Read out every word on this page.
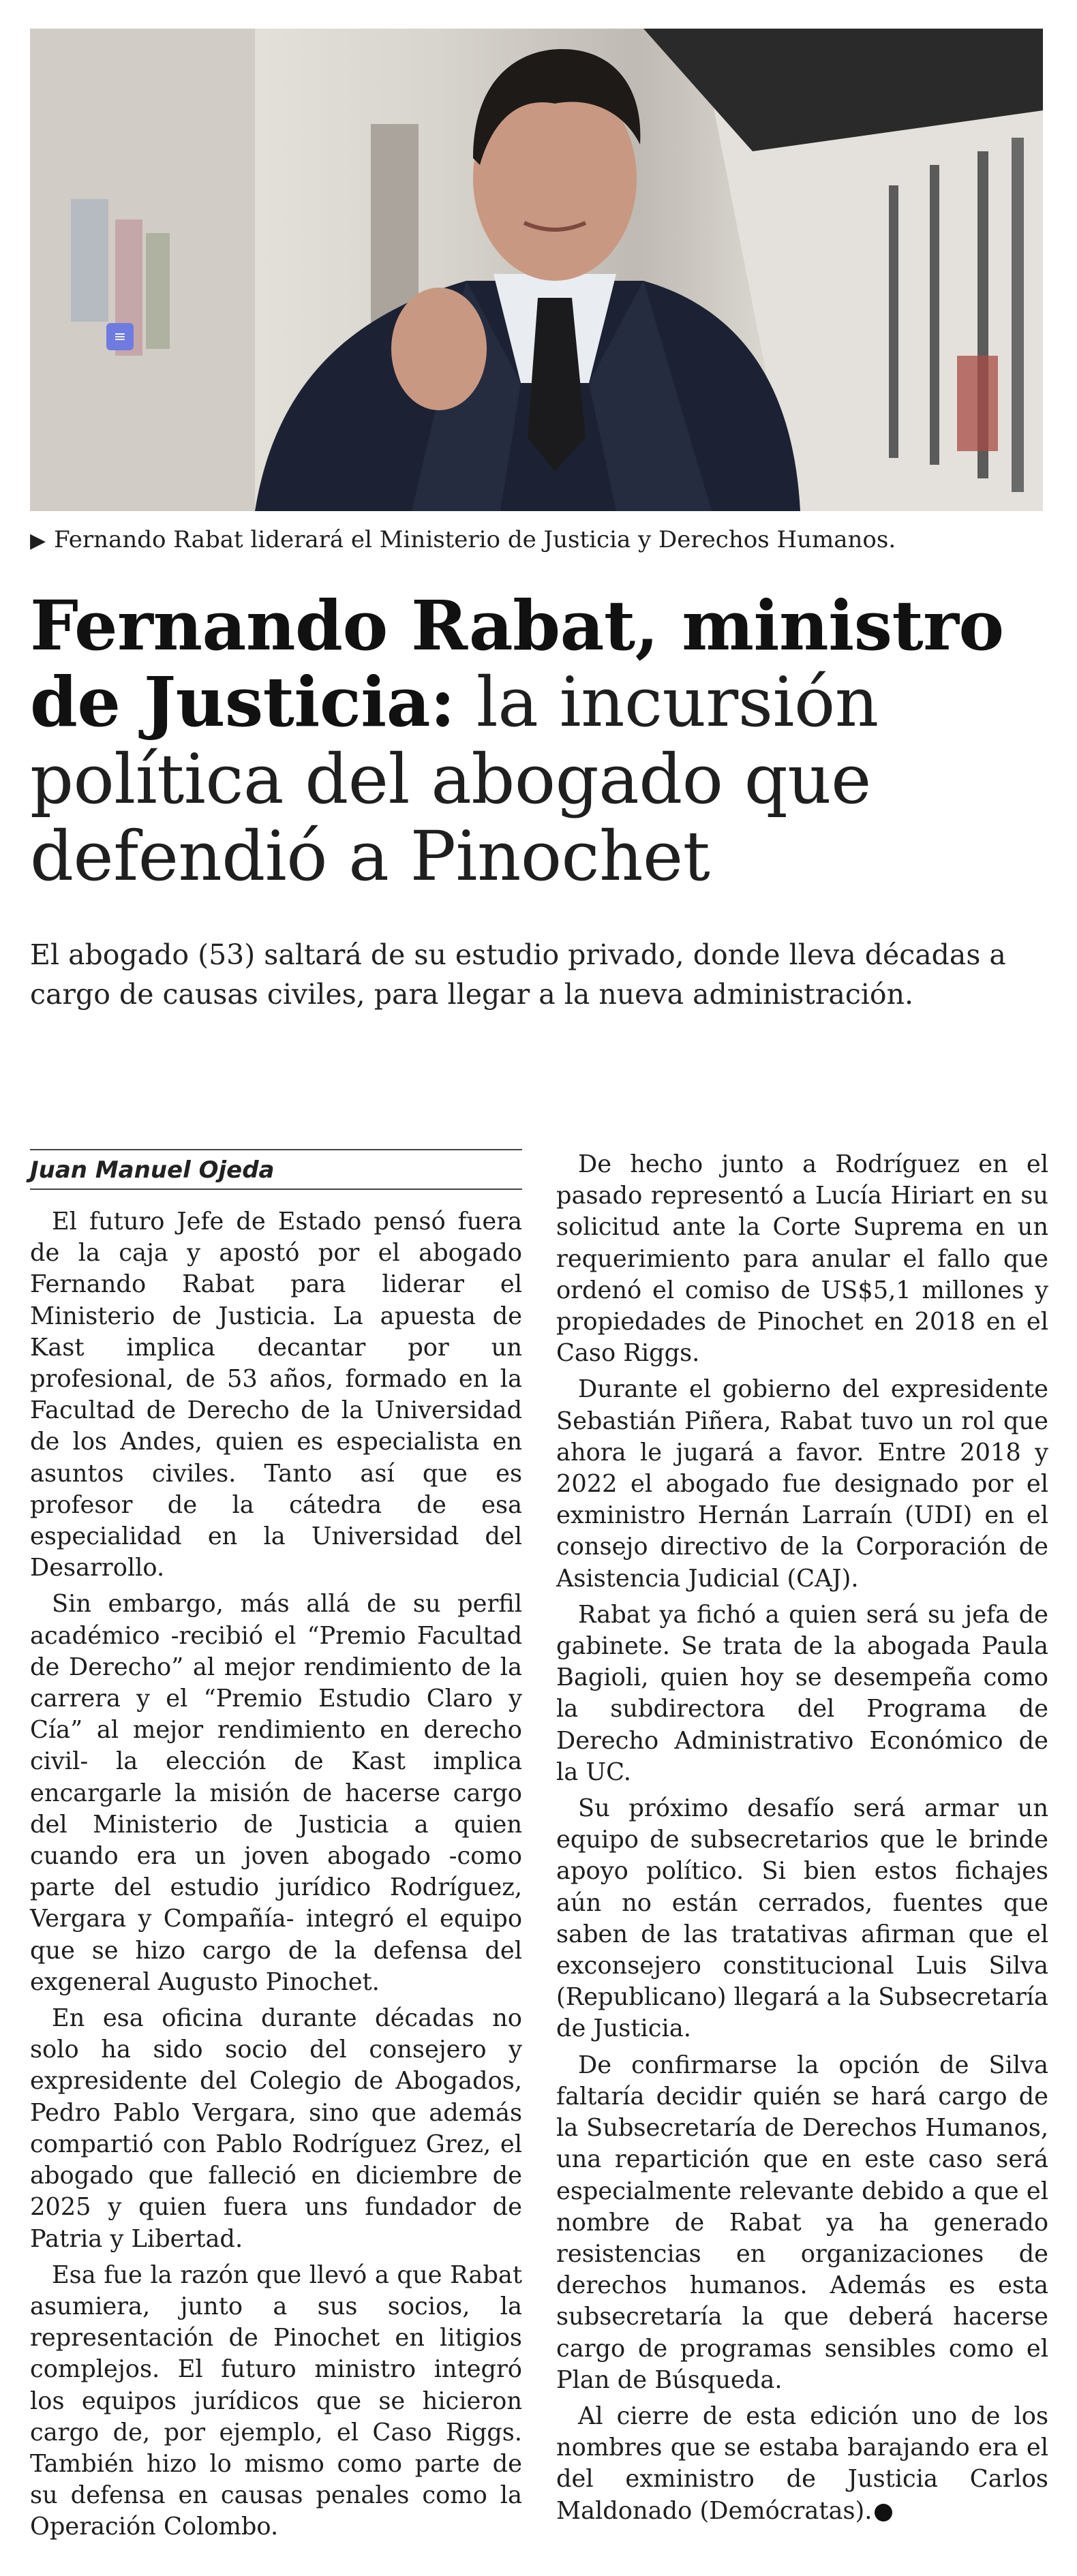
≡
▶ Fernando Rabat liderará el Ministerio de Justicia y Derechos Humanos.
Fernando Rabat, ministro de Justicia: la incursión política del abogado que defendió a Pinochet

El abogado (53) saltará de su estudio privado, donde lleva décadas a cargo de causas civiles, para llegar a la nueva administración.

Juan Manuel Ojeda

El futuro Jefe de Estado pensó fuera de la caja y apostó por el abogado Fernando Rabat para liderar el Ministerio de Justicia. La apuesta de Kast implica decantar por un profesional, de 53 años, formado en la Facultad de Derecho de la Universidad de los Andes, quien es especialista en asuntos civiles. Tanto así que es profesor de la cátedra de esa especialidad en la Universidad del Desarrollo.

Sin embargo, más allá de su perfil académico -recibió el “Premio Facultad de Derecho” al mejor rendimiento de la carrera y el “Premio Estudio Claro y Cía” al mejor rendimiento en derecho civil- la elección de Kast implica encargarle la misión de hacerse cargo del Ministerio de Justicia a quien cuando era un joven abogado -como parte del estudio jurídico Rodríguez, Vergara y Compañía- integró el equipo que se hizo cargo de la defensa del exgeneral Augusto Pinochet.

En esa oficina durante décadas no solo ha sido socio del consejero y expresidente del Colegio de Abogados, Pedro Pablo Vergara, sino que además compartió con Pablo Rodríguez Grez, el abogado que falleció en diciembre de 2025 y quien fuera uns fundador de Patria y Libertad.

Esa fue la razón que llevó a que Rabat asumiera, junto a sus socios, la representación de Pinochet en litigios complejos. El futuro ministro integró los equipos jurídicos que se hicieron cargo de, por ejemplo, el Caso Riggs. También hizo lo mismo como parte de su defensa en causas penales como la Operación Colombo.

De hecho junto a Rodríguez en el pasado representó a Lucía Hiriart en su solicitud ante la Corte Suprema en un requerimiento para anular el fallo que ordenó el comiso de US$5,1 millones y propiedades de Pinochet en 2018 en el Caso Riggs.

Durante el gobierno del expresidente Sebastián Piñera, Rabat tuvo un rol que ahora le jugará a favor. Entre 2018 y 2022 el abogado fue designado por el exministro Hernán Larraín (UDI) en el consejo directivo de la Corporación de Asistencia Judicial (CAJ).

Rabat ya fichó a quien será su jefa de gabinete. Se trata de la abogada Paula Bagioli, quien hoy se desempeña como la subdirectora del Programa de Derecho Administrativo Económico de la UC.

Su próximo desafío será armar un equipo de subsecretarios que le brinde apoyo político. Si bien estos fichajes aún no están cerrados, fuentes que saben de las tratativas afirman que el exconsejero constitucional Luis Silva (Republicano) llegará a la Subsecretaría de Justicia.

De confirmarse la opción de Silva faltaría decidir quién se hará cargo de la Subsecretaría de Derechos Humanos, una repartición que en este caso será especialmente relevante debido a que el nombre de Rabat ya ha generado resistencias en organizaciones de derechos humanos. Además es esta subsecretaría la que deberá hacerse cargo de programas sensibles como el Plan de Búsqueda.

Al cierre de esta edición uno de los nombres que se estaba barajando era el del exministro de Justicia Carlos Maldonado (Demócratas).
